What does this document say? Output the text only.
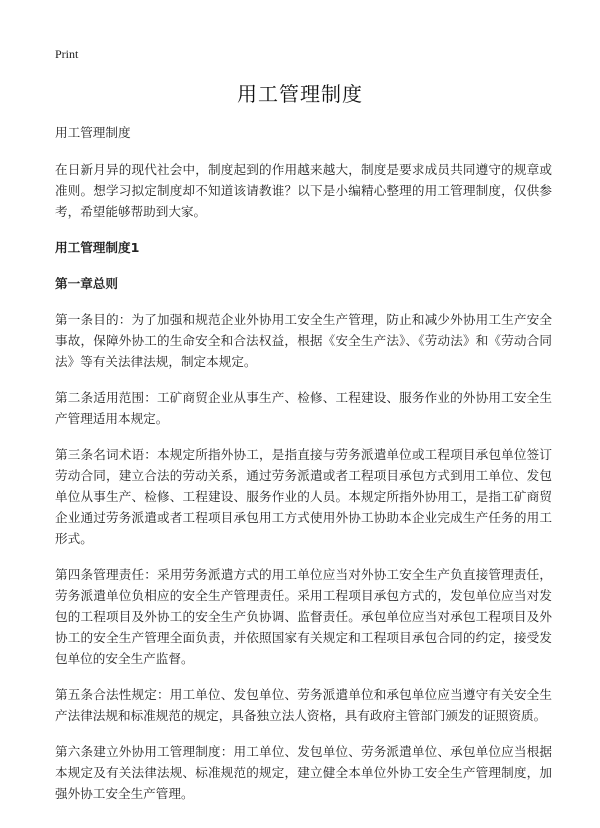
Print
用工管理制度

用工管理制度

在日新月异的现代社会中，制度起到的作用越来越大，制度是要求成员共同遵守的规章或准则。想学习拟定制度却不知道该请教谁？以下是小编精心整理的用工管理制度，仅供参考，希望能够帮助到大家。

用工管理制度1

第一章总则

第一条目的：为了加强和规范企业外协用工安全生产管理，防止和减少外协用工生产安全事故，保障外协工的生命安全和合法权益，根据《安全生产法》、《劳动法》和《劳动合同法》等有关法律法规，制定本规定。

第二条适用范围：工矿商贸企业从事生产、检修、工程建设、服务作业的外协用工安全生产管理适用本规定。

第三条名词术语：本规定所指外协工，是指直接与劳务派遣单位或工程项目承包单位签订劳动合同，建立合法的劳动关系，通过劳务派遣或者工程项目承包方式到用工单位、发包单位从事生产、检修、工程建设、服务作业的人员。本规定所指外协用工，是指工矿商贸企业通过劳务派遣或者工程项目承包用工方式使用外协工协助本企业完成生产任务的用工形式。

第四条管理责任：采用劳务派遣方式的用工单位应当对外协工安全生产负直接管理责任，劳务派遣单位负相应的安全生产管理责任。采用工程项目承包方式的，发包单位应当对发包的工程项目及外协工的安全生产负协调、监督责任。承包单位应当对承包工程项目及外协工的安全生产管理全面负责，并依照国家有关规定和工程项目承包合同的约定，接受发包单位的安全生产监督。

第五条合法性规定：用工单位、发包单位、劳务派遣单位和承包单位应当遵守有关安全生产法律法规和标准规范的规定，具备独立法人资格，具有政府主管部门颁发的证照资质。

第六条建立外协用工管理制度：用工单位、发包单位、劳务派遣单位、承包单位应当根据本规定及有关法律法规、标准规范的规定，建立健全本单位外协工安全生产管理制度，加强外协工安全生产管理。
